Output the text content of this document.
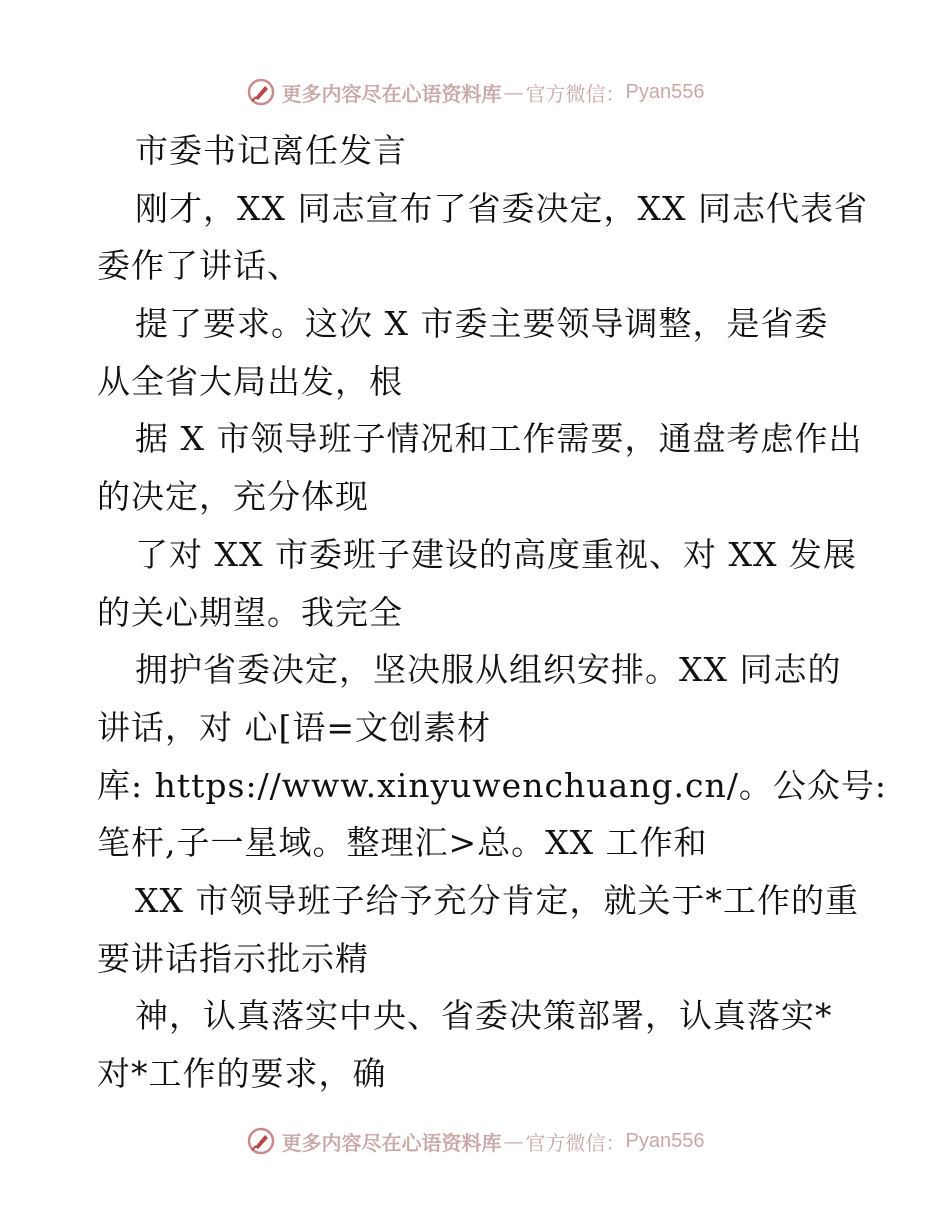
更多内容尽在心语资料库 — 官方微信： Pyan556
市委书记离任发言
刚才，XX 同志宣布了省委决定，XX 同志代表省
委作了讲话、
提了要求。这次 X 市委主要领导调整，是省委
从全省大局出发，根
据 X 市领导班子情况和工作需要，通盘考虑作出
的决定，充分体现
了对 XX 市委班子建设的高度重视、对 XX 发展
的关心期望。我完全
拥护省委决定，坚决服从组织安排。XX 同志的
讲话，对 心[语=文创素材
库: https://www.xinyuwenchuang.cn/。公众号:
笔杆,子一星域。整理汇>总。XX 工作和
XX 市领导班子给予充分肯定，就关于*工作的重
要讲话指示批示精
神，认真落实中央、省委决策部署，认真落实*
对*工作的要求，确
更多内容尽在心语资料库 — 官方微信： Pyan556
